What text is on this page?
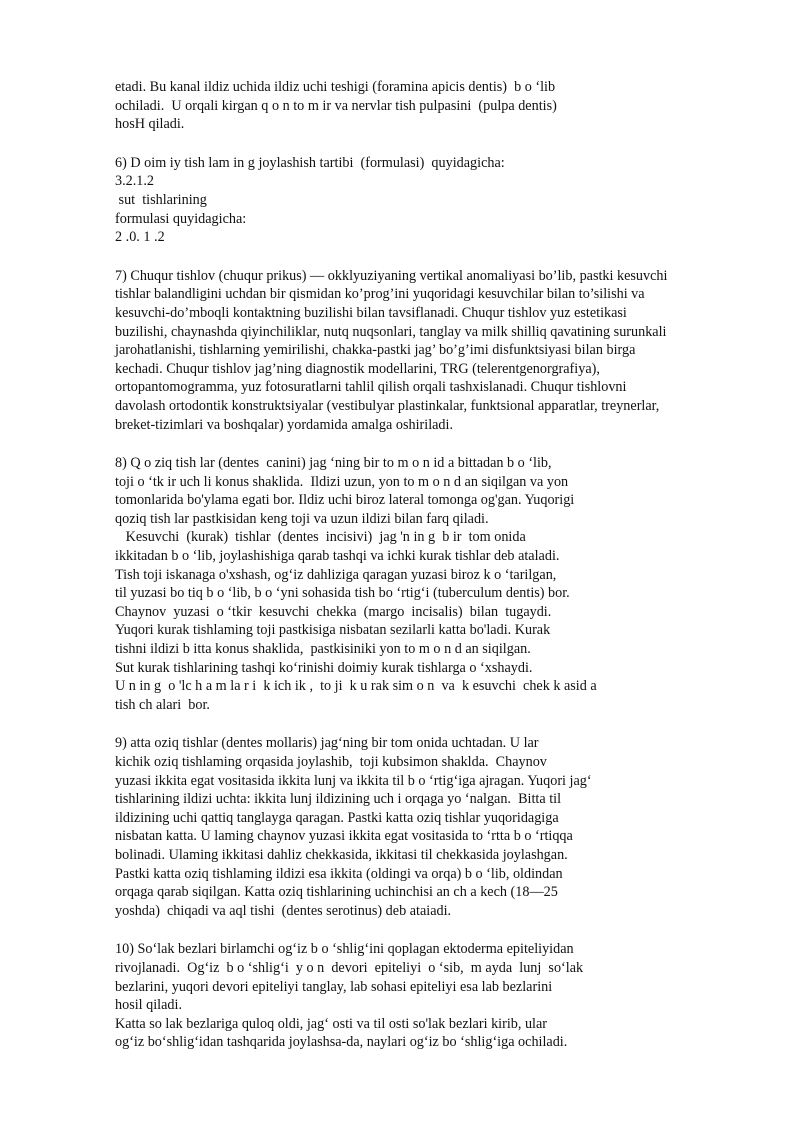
etadi. Bu kanal ildiz uchida ildiz uchi teshigi (foramina apicis dentis)  b o ‘lib
ochiladi.  U orqali kirgan q o n to m ir va nervlar tish pulpasini  (pulpa dentis)
hosH qiladi.
6) D oim iy tish lam in g joylashish tartibi  (formulasi)  quyidagicha:
3.2.1.2
sut  tishlarining
formulasi quyidagicha:
2 .0. 1 .2
7) Chuqur tishlov (chuqur prikus) — okklyuziyaning vertikal anomaliyasi bo’lib, pastki kesuvchi
tishlar balandligini uchdan bir qismidan ko’prog’ini yuqoridagi kesuvchilar bilan to’silishi va
kesuvchi-do’mboqli kontaktning buzilishi bilan tavsiflanadi. Chuqur tishlov yuz estetikasi
buzilishi, chaynashda qiyinchiliklar, nutq nuqsonlari, tanglay va milk shilliq qavatining surunkali
jarohatlanishi, tishlarning yemirilishi, chakka-pastki jag’ bo’g’imi disfunktsiyasi bilan birga
kechadi. Chuqur tishlov jag’ning diagnostik modellarini, TRG (telerentgenorgrafiya),
ortopantomogramma, yuz fotosuratlarni tahlil qilish orqali tashxislanadi. Chuqur tishlovni
davolash ortodontik konstruktsiyalar (vestibulyar plastinkalar, funktsional apparatlar, treynerlar,
breket-tizimlari va boshqalar) yordamida amalga oshiriladi.
8) Q o ziq tish lar (dentes  canini) jag ‘ning bir to m o n id a bittadan b o ‘lib,
toji o ‘tk ir uch li konus shaklida.  Ildizi uzun, yon to m o n d an siqilgan va yon
tomonlarida bo'ylama egati bor. Ildiz uchi biroz lateral tomonga og'gan. Yuqorigi
qoziq tish lar pastkisidan keng toji va uzun ildizi bilan farq qiladi.
Kesuvchi  (kurak)  tishlar  (dentes  incisivi)  jag 'n in g  b ir  tom onida
ikkitadan b o ‘lib, joylashishiga qarab tashqi va ichki kurak tishlar deb ataladi.
Tish toji iskanaga o'xshash, og‘iz dahliziga qaragan yuzasi biroz k o ‘tarilgan,
til yuzasi bo tiq b o ‘lib, b o ‘yni sohasida tish bo ‘rtig‘i (tuberculum dentis) bor.
Chaynov  yuzasi  o ‘tkir  kesuvchi  chekka  (margo  incisalis)  bilan  tugaydi.
Yuqori kurak tishlaming toji pastkisiga nisbatan sezilarli katta bo'ladi. Kurak
tishni ildizi b itta konus shaklida,  pastkisiniki yon to m o n d an siqilgan.
Sut kurak tishlarining tashqi ko‘rinishi doimiy kurak tishlarga o ‘xshaydi.
U n in g  o 'lc h a m la r i  k ich ik ,  to ji  k u rak sim o n  va  k esuvchi  chek k asid a
tish ch alari  bor.
9) atta oziq tishlar (dentes mollaris) jag‘ning bir tom onida uchtadan. U lar
kichik oziq tishlaming orqasida joylashib,  toji kubsimon shaklda.  Chaynov
yuzasi ikkita egat vositasida ikkita lunj va ikkita til b o ‘rtig‘iga ajragan. Yuqori jag‘
tishlarining ildizi uchta: ikkita lunj ildizining uch i orqaga yo ‘nalgan.  Bitta til
ildizining uchi qattiq tanglayga qaragan. Pastki katta oziq tishlar yuqoridagiga
nisbatan katta. U laming chaynov yuzasi ikkita egat vositasida to ‘rtta b o ‘rtiqqa
bolinadi. Ulaming ikkitasi dahliz chekkasida, ikkitasi til chekkasida joylashgan.
Pastki katta oziq tishlaming ildizi esa ikkita (oldingi va orqa) b o ‘lib, oldindan
orqaga qarab siqilgan. Katta oziq tishlarining uchinchisi an ch a kech (18—25
yoshda)  chiqadi va aql tishi  (dentes serotinus) deb ataiadi.
10) So‘lak bezlari birlamchi og‘iz b o ‘shlig‘ini qoplagan ektoderma epiteliyidan
rivojlanadi.  Og‘iz  b o ‘shlig‘i  y o n  devori  epiteliyi  o ‘sib,  m ayda  lunj  so‘lak
bezlarini, yuqori devori epiteliyi tanglay, lab sohasi epiteliyi esa lab bezlarini
hosil qiladi.
Katta so lak bezlariga quloq oldi, jag‘ osti va til osti so'lak bezlari kirib, ular
og‘iz bo‘shlig‘idan tashqarida joylashsa-da, naylari og‘iz bo ‘shlig‘iga ochiladi.
